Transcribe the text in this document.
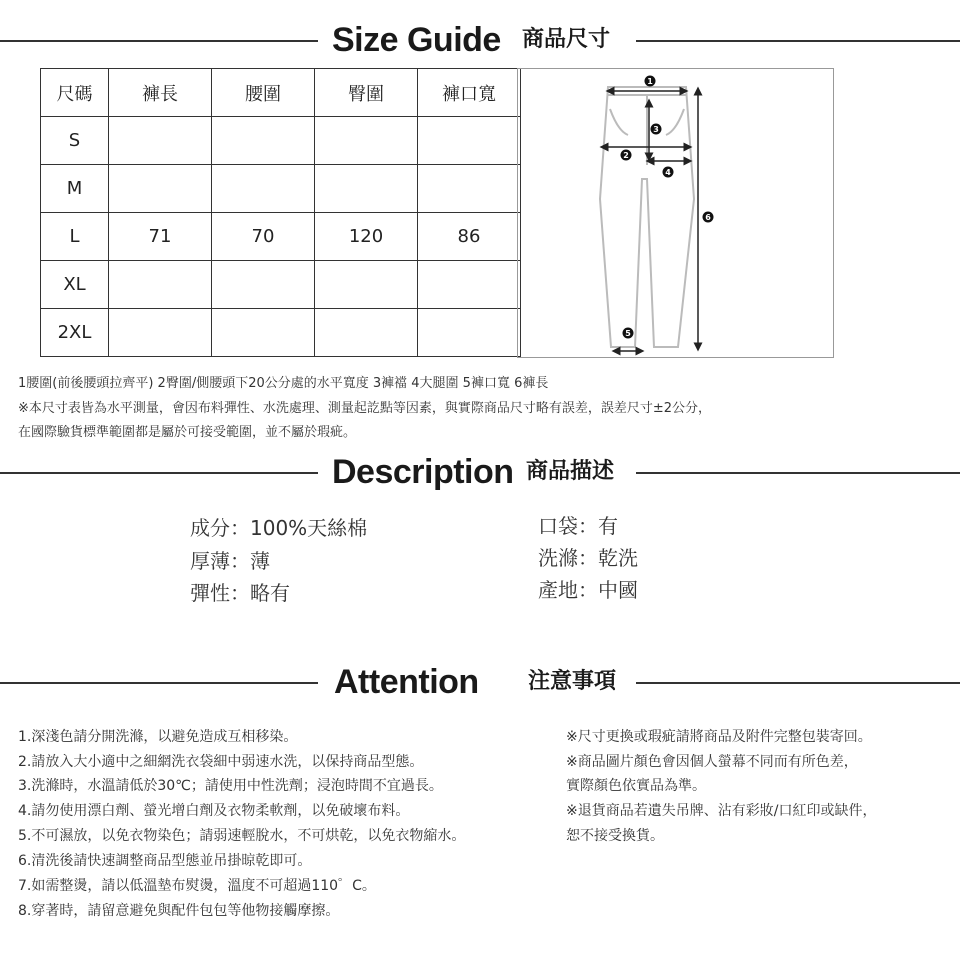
Size Guide 商品尺寸
尺碼	褲長	腰圍	臀圍	褲口寬
S				
M				
L	71	70	120	86
XL				
2XL				
1
2
3
4
5
6
1腰圍(前後腰頭拉齊平) 2臀圍/側腰頭下20公分處的水平寬度 3褲襠 4大腿圍 5褲口寬 6褲長
※本尺寸表皆為水平測量，會因布料彈性、水洗處理、測量起訖點等因素，與實際商品尺寸略有誤差，誤差尺寸±2公分，
在國際驗貨標準範圍都是屬於可接受範圍，並不屬於瑕疵。
Description 商品描述
成分：100%天絲棉
厚薄：薄
彈性：略有
口袋：有
洗滌：乾洗
產地：中國
Attention 注意事項
1.深淺色請分開洗滌，以避免造成互相移染。
2.請放入大小適中之細網洗衣袋細中弱速水洗，以保持商品型態。
3.洗滌時，水溫請低於30℃；請使用中性洗劑；浸泡時間不宜過長。
4.請勿使用漂白劑、螢光增白劑及衣物柔軟劑，以免破壞布料。
5.不可濕放，以免衣物染色；請弱速輕脫水，不可烘乾，以免衣物縮水。
6.清洗後請快速調整商品型態並吊掛晾乾即可。
7.如需整燙，請以低溫墊布熨燙，溫度不可超過110゜C。
8.穿著時，請留意避免與配件包包等他物接觸摩擦。
※尺寸更換或瑕疵請將商品及附件完整包裝寄回。
※商品圖片顏色會因個人螢幕不同而有所色差，
實際顏色依實品為準。
※退貨商品若遺失吊牌、沾有彩妝/口紅印或缺件，
恕不接受換貨。
